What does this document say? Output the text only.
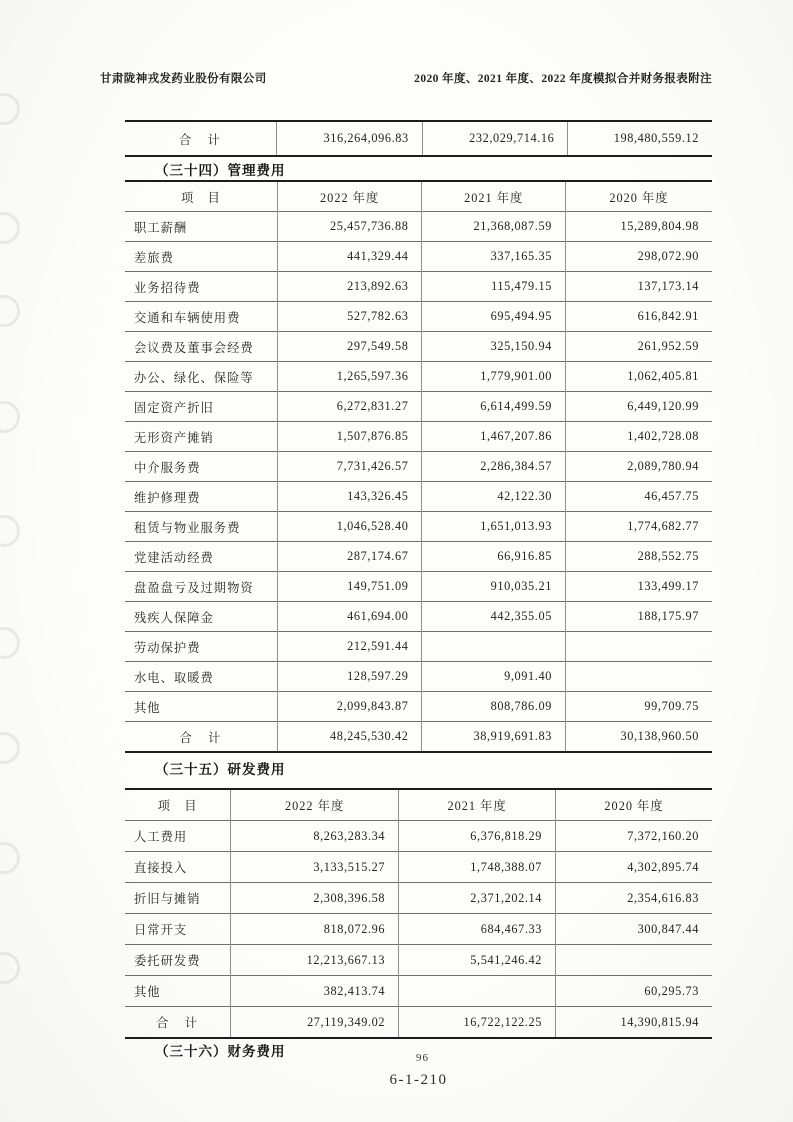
甘肃陇神戎发药业股份有限公司	2020 年度、2021 年度、2022 年度模拟合并财务报表附注
合　计	316,264,096.83	232,029,714.16	198,480,559.12
（三十四）管理费用
项　目	2022 年度	2021 年度	2020 年度
职工薪酬	25,457,736.88	21,368,087.59	15,289,804.98
差旅费	441,329.44	337,165.35	298,072.90
业务招待费	213,892.63	115,479.15	137,173.14
交通和车辆使用费	527,782.63	695,494.95	616,842.91
会议费及董事会经费	297,549.58	325,150.94	261,952.59
办公、绿化、保险等	1,265,597.36	1,779,901.00	1,062,405.81
固定资产折旧	6,272,831.27	6,614,499.59	6,449,120.99
无形资产摊销	1,507,876.85	1,467,207.86	1,402,728.08
中介服务费	7,731,426.57	2,286,384.57	2,089,780.94
维护修理费	143,326.45	42,122.30	46,457.75
租赁与物业服务费	1,046,528.40	1,651,013.93	1,774,682.77
党建活动经费	287,174.67	66,916.85	288,552.75
盘盈盘亏及过期物资	149,751.09	910,035.21	133,499.17
残疾人保障金	461,694.00	442,355.05	188,175.97
劳动保护费	212,591.44		
水电、取暖费	128,597.29	9,091.40	
其他	2,099,843.87	808,786.09	99,709.75
合　计	48,245,530.42	38,919,691.83	30,138,960.50
（三十五）研发费用
项　目	2022 年度	2021 年度	2020 年度
人工费用	8,263,283.34	6,376,818.29	7,372,160.20
直接投入	3,133,515.27	1,748,388.07	4,302,895.74
折旧与摊销	2,308,396.58	2,371,202.14	2,354,616.83
日常开支	818,072.96	684,467.33	300,847.44
委托研发费	12,213,667.13	5,541,246.42	
其他	382,413.74		60,295.73
合　计	27,119,349.02	16,722,122.25	14,390,815.94
（三十六）财务费用	96
6-1-210
